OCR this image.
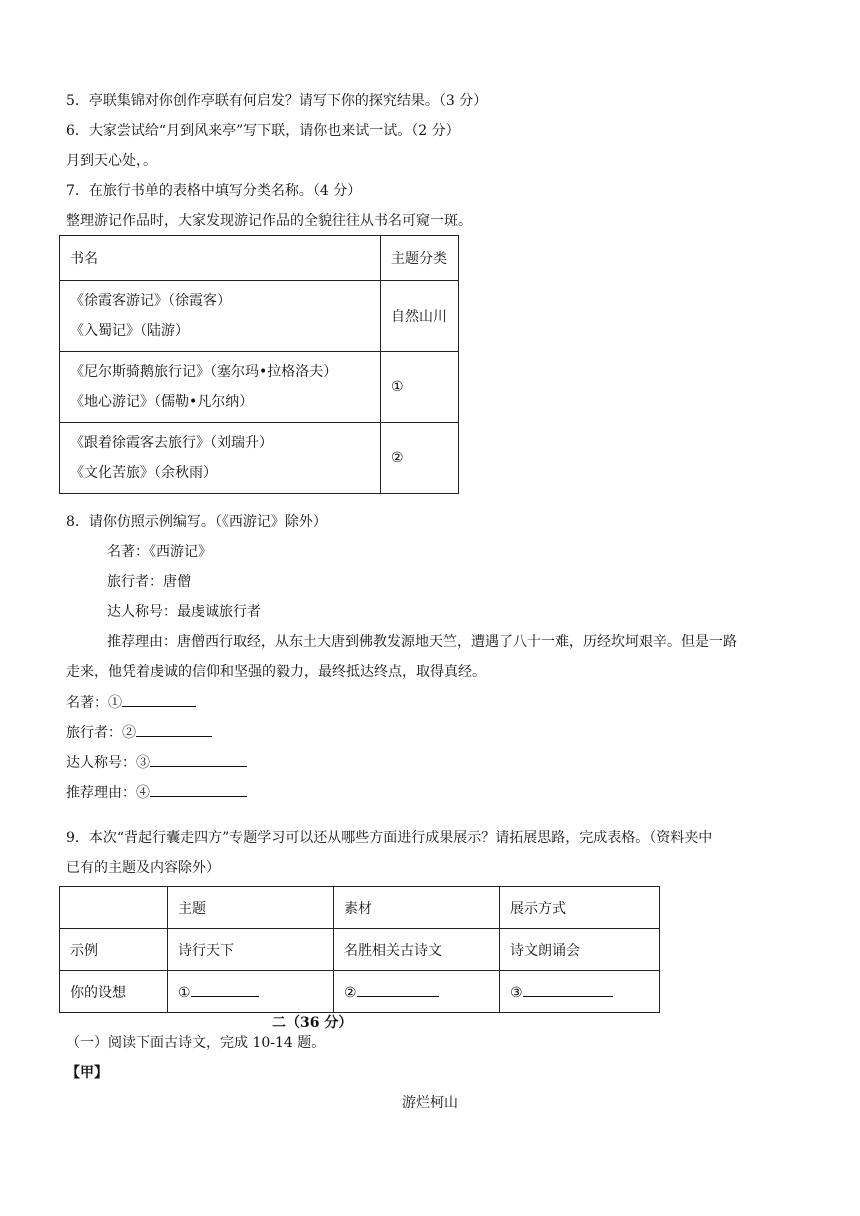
5．亭联集锦对你创作亭联有何启发？请写下你的探究结果。（3 分）
6．大家尝试给“月到风来亭”写下联，请你也来试一试。（2 分）
月到天心处，。
7．在旅行书单的表格中填写分类名称。（4 分）
整理游记作品时，大家发现游记作品的全貌往往从书名可窥一斑。
书名	主题分类

《徐霞客游记》（徐霞客）
《入蜀记》（陆游）	自然山川

《尼尔斯骑鹅旅行记》（塞尔玛•拉格洛夫）
《地心游记》（儒勒•凡尔纳）	①

《跟着徐霞客去旅行》（刘瑞升）
《文化苦旅》（余秋雨）	②
8．请你仿照示例编写。（《西游记》除外）
名著：《西游记》
旅行者：唐僧
达人称号：最虔诚旅行者
推荐理由：唐僧西行取经，从东土大唐到佛教发源地天竺，遭遇了八十一难，历经坎坷艰辛。但是一路
走来，他凭着虔诚的信仰和坚强的毅力，最终抵达终点，取得真经。
名著：①
旅行者：②
达人称号：③
推荐理由：④
9．本次“背起行囊走四方”专题学习可以还从哪些方面进行成果展示？请拓展思路，完成表格。（资料夹中
已有的主题及内容除外）
	主题	素材	展示方式
示例	诗行天下	名胜相关古诗文	诗文朗诵会
你的设想	①	②	③
二（36 分）
（一）阅读下面古诗文，完成 10-14 题。
【甲】
游烂柯山
